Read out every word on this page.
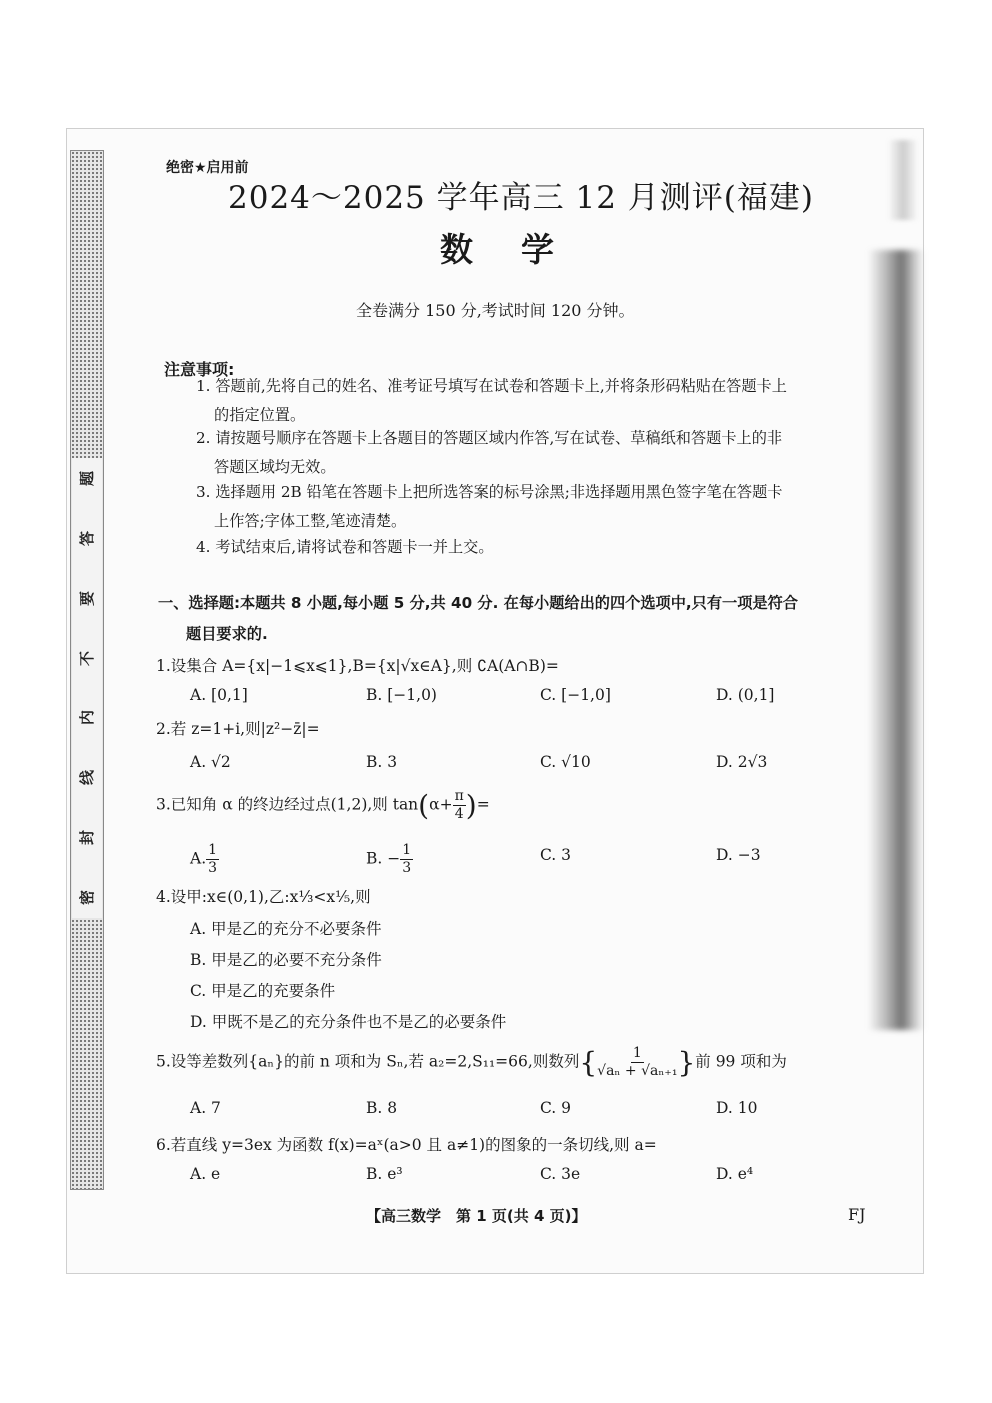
题
答
要
不
内
线
封
密
绝密★启用前
2024～2025 学年高三 12 月测评(福建)
数学
全卷满分 150 分,考试时间 120 分钟。
注意事项:
1. 答题前,先将自己的姓名、准考证号填写在试卷和答题卡上,并将条形码粘贴在答题卡上
的指定位置。
2. 请按题号顺序在答题卡上各题目的答题区域内作答,写在试卷、草稿纸和答题卡上的非
答题区域均无效。
3. 选择题用 2B 铅笔在答题卡上把所选答案的标号涂黑;非选择题用黑色签字笔在答题卡
上作答;字体工整,笔迹清楚。
4. 考试结束后,请将试卷和答题卡一并上交。
一、选择题:本题共 8 小题,每小题 5 分,共 40 分. 在每小题给出的四个选项中,只有一项是符合
题目要求的.
1.设集合 A={x|−1⩽x⩽1},B={x|√x∈A},则 ∁A(A∩B)=
A. [0,1]	B. [−1,0)	C. [−1,0]	D. (0,1]
2.若 z=1+i,则|z²−z̄|=
A. √2	B. 3	C. √10	D. 2√3
3.已知角 α 的终边经过点(1,2),则 $\tan(\alpha+ \frac{\pi}{4}$ )=
A. $\frac{1}{3}$	B. − $\frac{1}{3}$	C. 3	D. −3
4.设甲:x∈(0,1),乙:x⅓<x⅕,则
A. 甲是乙的充分不必要条件
B. 甲是乙的必要不充分条件
C. 甲是乙的充要条件
D. 甲既不是乙的充分条件也不是乙的必要条件
5.设等差数列{aₙ}的前 n 项和为 Sₙ,若 a₂=2,S₁₁=66,则数列{ $\frac{1}{\text{√aₙ + √aₙ₊₁}}$ }前 99 项和为
A. 7	B. 8	C. 9	D. 10
6.若直线 y=3ex 为函数 f(x)=aˣ(a>0 且 a≠1)的图象的一条切线,则 a=
A. e	B. e³	C. 3e	D. e⁴
【高三数学　第 1 页(共 4 页)】	FJ
